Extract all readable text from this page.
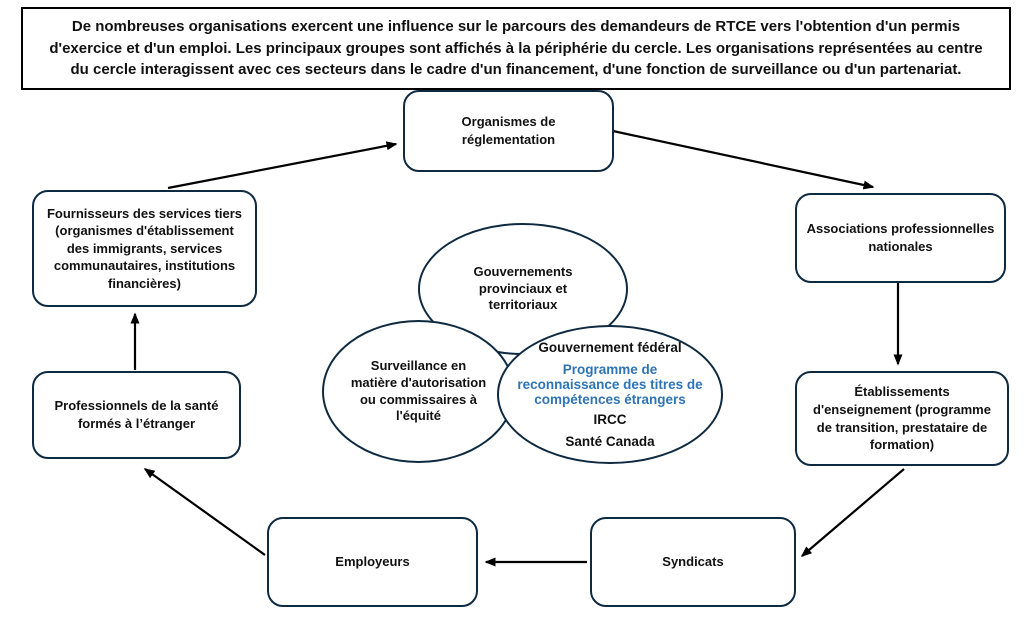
De nombreuses organisations exercent une influence sur le parcours des demandeurs de RTCE vers l'obtention d'un permis d'exercice et d'un emploi. Les principaux groupes sont affichés à la périphérie du cercle. Les organisations représentées au centre du cercle interagissent avec ces secteurs dans le cadre d'un financement, d'une fonction de surveillance ou d'un partenariat.
Organismes de réglementation
Fournisseurs des services tiers (organismes d'établissement des immigrants, services communautaires, institutions financières)
Associations professionnelles nationales
Professionnels de la santé formés à l’étranger
Établissements d'enseignement (programme de transition, prestataire de formation)
Employeurs	Syndicats
Gouvernements provinciaux et territoriaux
Surveillance en matière d'autorisation ou commissaires à l'équité
Gouvernement fédéral
Programme de reconnaissance des titres de compétences étrangers
IRCC
Santé Canada
